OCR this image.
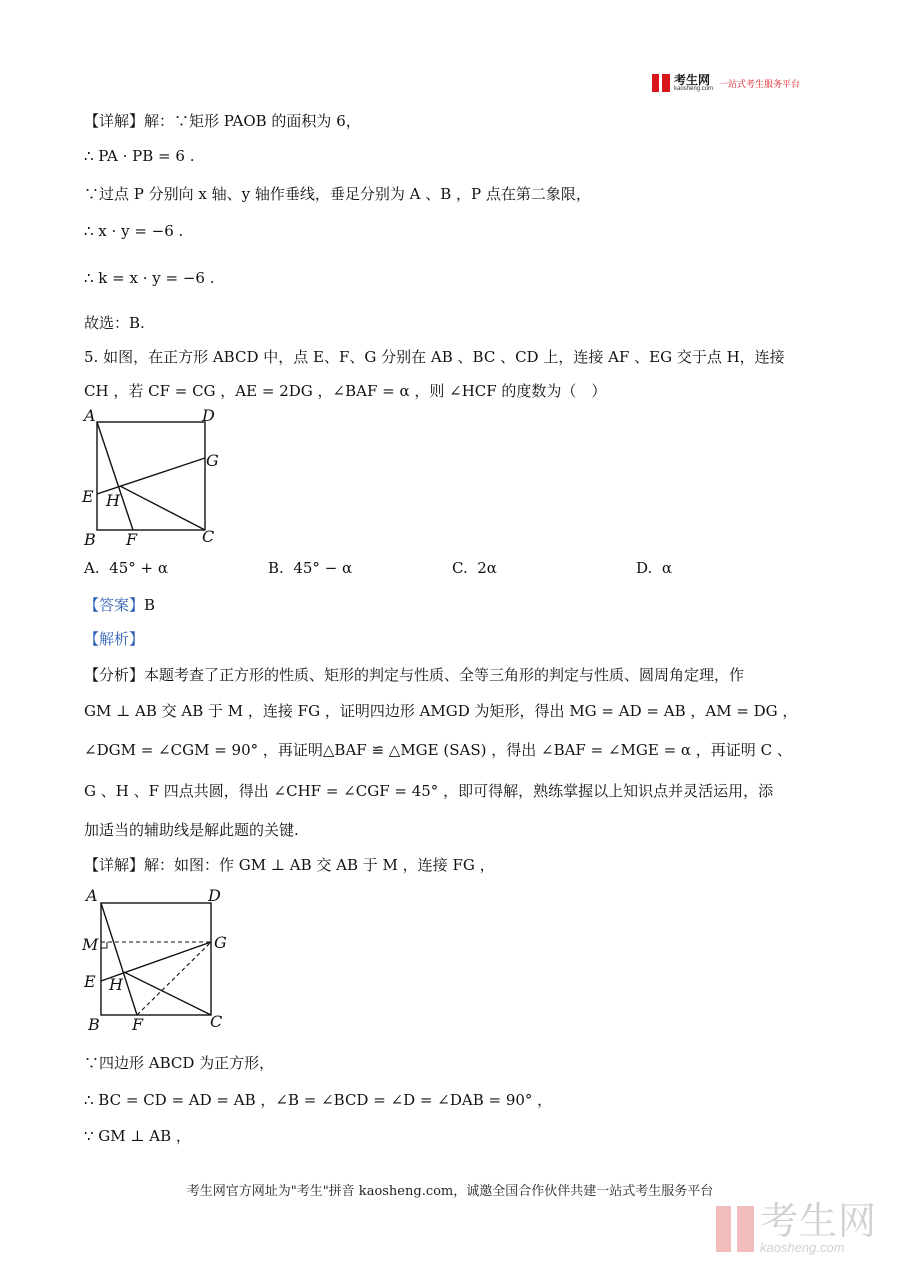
考生网
kaosheng.com
一站式考生服务平台
【详解】解：∵矩形 PAOB 的面积为 6，
∴ PA · PB = 6 .
∵过点 P 分别向 x 轴、y 轴作垂线，垂足分别为 A 、B ，P 点在第二象限，
∴ x · y = −6 .
∴ k = x · y = −6 .
故选：B.
5. 如图，在正方形 ABCD 中，点 E、F、G 分别在 AB 、BC 、CD 上，连接 AF 、EG 交于点 H，连接
CH ，若 CF = CG ，AE = 2DG ，∠BAF = α ，则 ∠HCF 的度数为（　）
A	D
G
E H
B F	C
A. 45° + α	B. 45° − α	C. 2α	D. α
【答案】B
【解析】
【分析】本题考查了正方形的性质、矩形的判定与性质、全等三角形的判定与性质、圆周角定理，作
GM ⊥ AB 交 AB 于 M ，连接 FG ，证明四边形 AMGD 为矩形，得出 MG = AD = AB ，AM = DG ，
∠DGM = ∠CGM = 90° ，再证明△BAF ≌ △MGE (SAS) ，得出 ∠BAF = ∠MGE = α ，再证明 C 、
G 、H 、F 四点共圆，得出 ∠CHF = ∠CGF = 45° ，即可得解，熟练掌握以上知识点并灵活运用，添
加适当的辅助线是解此题的关键.
【详解】解：如图：作 GM ⊥ AB 交 AB 于 M ，连接 FG ，
A	D
M	G
E H
B F	C
∵四边形 ABCD 为正方形，
∴ BC = CD = AD = AB ，∠B = ∠BCD = ∠D = ∠DAB = 90° ，
∵ GM ⊥ AB ，
考生网官方网址为"考生"拼音 kaosheng.com，诚邀全国合作伙伴共建一站式考生服务平台
考生网
kaosheng.com
